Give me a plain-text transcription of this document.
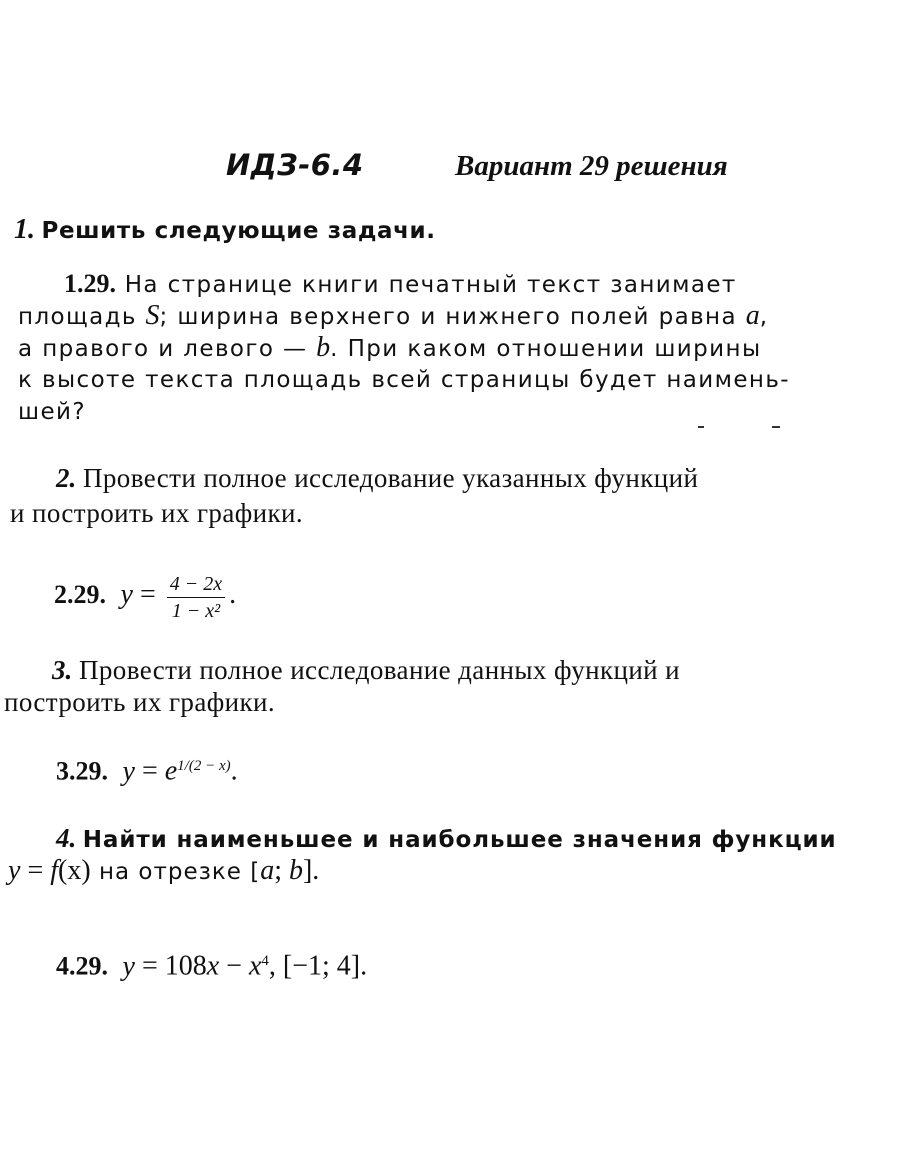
ИДЗ-6.4	Вариант 29 решения
1. Решить следующие задачи.
1.29. На странице книги печатный текст занимает
площадь S; ширина верхнего и нижнего полей равна a,
а правого и левого — b. При каком отношении ширины
к высоте текста площадь всей страницы будет наимень-
шей?
2. Провести полное исследование указанных функций
и построить их графики.
2.29. $y = \frac{4 - 2x}{\text{1 − x²}}$ .
3. Провести полное исследование данных функций и
построить их графики.
3.29. $y = e^{1/(2 - x)}$.
4. Найти наименьшее и наибольшее значения функции
y = f(x) на отрезке [a; b].
4.29. $y = 108x - x^4$, [−1; 4].
